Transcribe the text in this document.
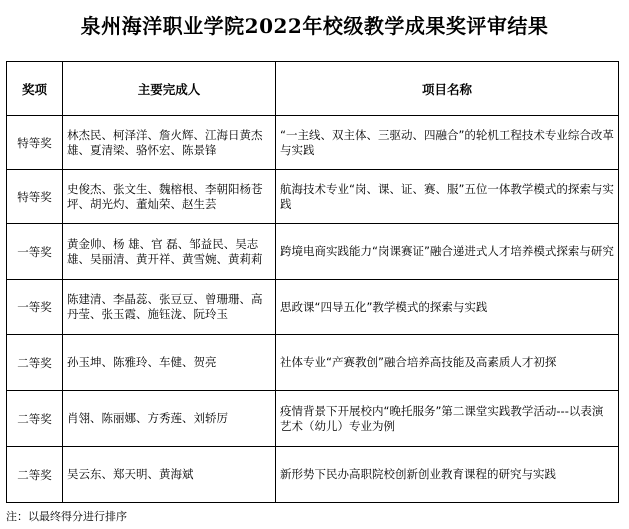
泉州海洋职业学院2022年校级教学成果奖评审结果
奖项	主要完成人	项目名称
特等奖	林杰民、柯泽洋、詹火辉、江海日黄杰雄、夏清梁、骆怀宏、陈景锋	“一主线、双主体、三驱动、四融合”的轮机工程技术专业综合改革与实践
特等奖	史俊杰、张文生、魏榕根、李朝阳杨苍坪、胡光灼、董灿荣、赵生芸	航海技术专业“岗、课、证、赛、服”五位一体教学模式的探索与实践
一等奖	黄金帅、杨 雄、官 磊、邹益民、吴志雄、吴丽清、黄开祥、黄雪婉、黄莉莉	跨境电商实践能力“岗课赛证”融合递进式人才培养模式探索与研究
一等奖	陈建清、李晶蕊、张豆豆、曾珊珊、高丹莹、张玉霞、施钰泷、阮玲玉	思政课“四导五化”教学模式的探索与实践
二等奖	孙玉坤、陈雅玲、车健、贺亮	社体专业“产赛教创”融合培养高技能及高素质人才初探
二等奖	肖翎、陈丽娜、方秀莲、刘轿厉	疫情背景下开展校内“晚托服务”第二课堂实践教学活动---以表演艺术（幼儿）专业为例
二等奖	吴云东、郑天明、黄海斌	新形势下民办高职院校创新创业教育课程的研究与实践
注：以最终得分进行排序
